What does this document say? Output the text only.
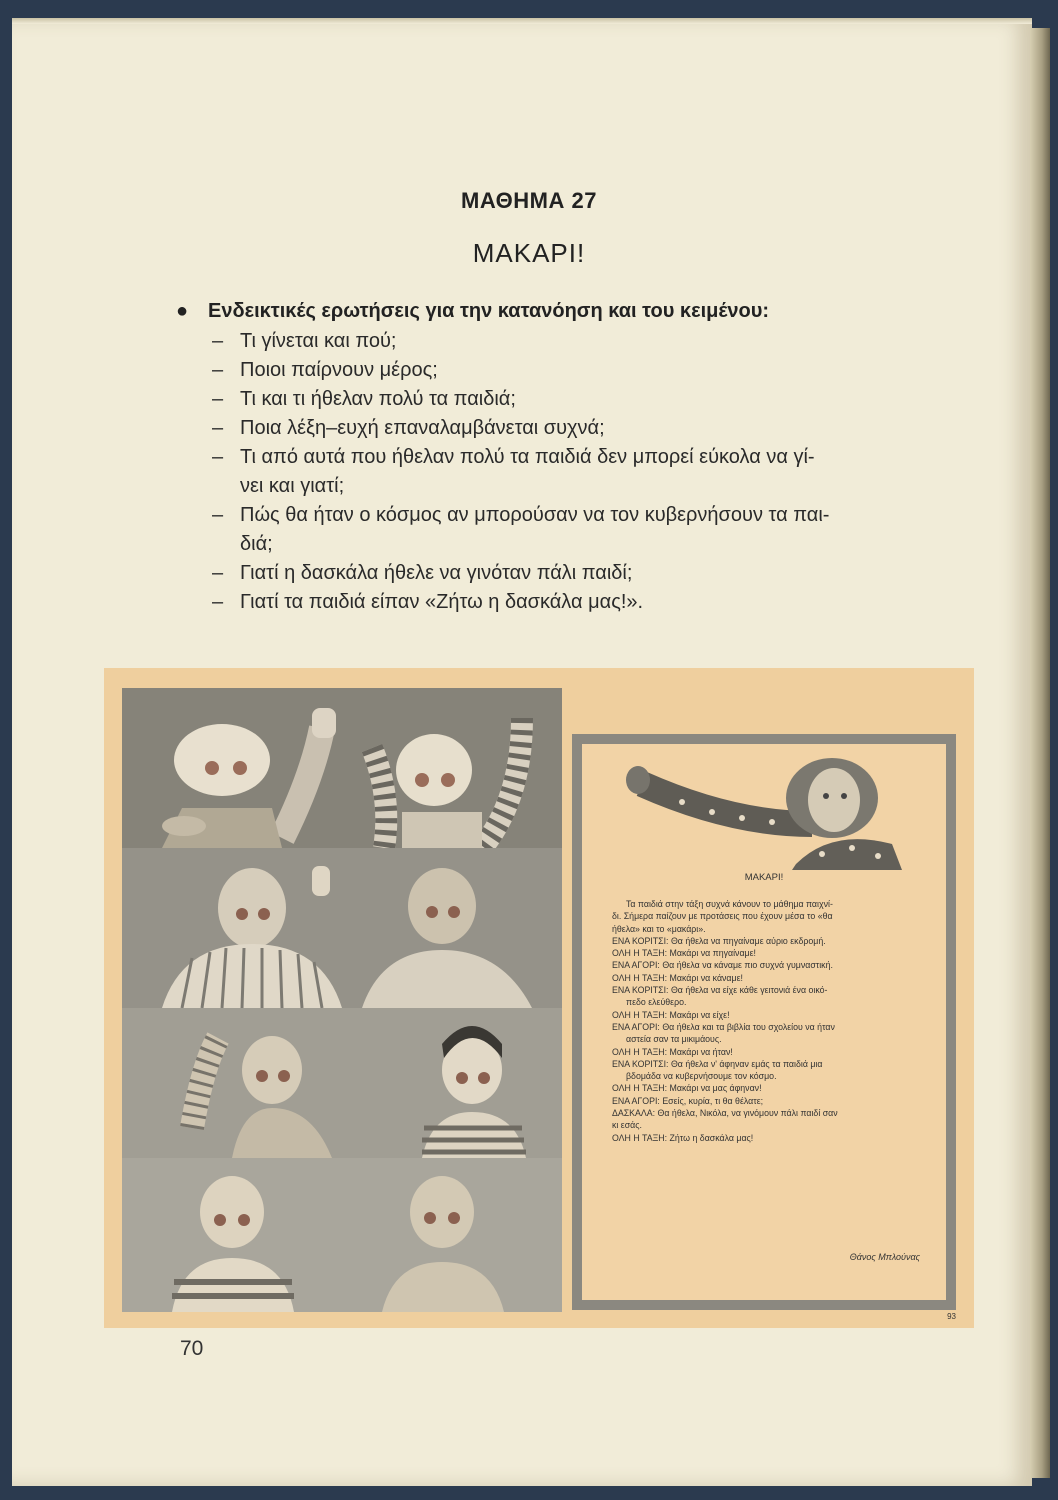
ΜΑΘΗΜΑ 27
ΜΑΚΑΡΙ!
● Ενδεικτικές ερωτήσεις για την κατανόηση και του κειμένου:
– Τι γίνεται και πού;
– Ποιοι παίρνουν μέρος;
– Τι και τι ήθελαν πολύ τα παιδιά;
– Ποια λέξη–ευχή επαναλαμβάνεται συχνά;
– Τι από αυτά που ήθελαν πολύ τα παιδιά δεν μπορεί εύκολα να γί-
νει και γιατί;
– Πώς θα ήταν ο κόσμος αν μπορούσαν να τον κυβερνήσουν τα παι-
διά;
– Γιατί η δασκάλα ήθελε να γινόταν πάλι παιδί;
– Γιατί τα παιδιά είπαν «Ζήτω η δασκάλα μας!».
ΜΑΚΑΡΙ!

Τα παιδιά στην τάξη συχνά κάνουν το μάθημα παιχνί-

δι. Σήμερα παίζουν με προτάσεις που έχουν μέσα το «θα

ήθελα» και το «μακάρι».

ΕΝΑ ΚΟΡΙΤΣΙ: Θα ήθελα να πηγαίναμε αύριο εκδρομή.

ΟΛΗ Η ΤΑΞΗ: Μακάρι να πηγαίναμε!

ΕΝΑ ΑΓΟΡΙ: Θα ήθελα να κάναμε πιο συχνά γυμναστική.

ΟΛΗ Η ΤΑΞΗ: Μακάρι να κάναμε!

ΕΝΑ ΚΟΡΙΤΣΙ: Θα ήθελα να είχε κάθε γειτονιά ένα οικό-

πεδο ελεύθερο.

ΟΛΗ Η ΤΑΞΗ: Μακάρι να είχε!

ΕΝΑ ΑΓΟΡΙ: Θα ήθελα και τα βιβλία του σχολείου να ήταν

αστεία σαν τα μικιμάους.

ΟΛΗ Η ΤΑΞΗ: Μακάρι να ήταν!

ΕΝΑ ΚΟΡΙΤΣΙ: Θα ήθελα ν' άφηναν εμάς τα παιδιά μια

βδομάδα να κυβερνήσουμε τον κόσμο.

ΟΛΗ Η ΤΑΞΗ: Μακάρι να μας άφηναν!

ΕΝΑ ΑΓΟΡΙ: Εσείς, κυρία, τι θα θέλατε;

ΔΑΣΚΑΛΑ: Θα ήθελα, Νικόλα, να γινόμουν πάλι παιδί σαν

κι εσάς.

ΟΛΗ Η ΤΑΞΗ: Ζήτω η δασκάλα μας!

Θάνος Μπλούνας
93
70
